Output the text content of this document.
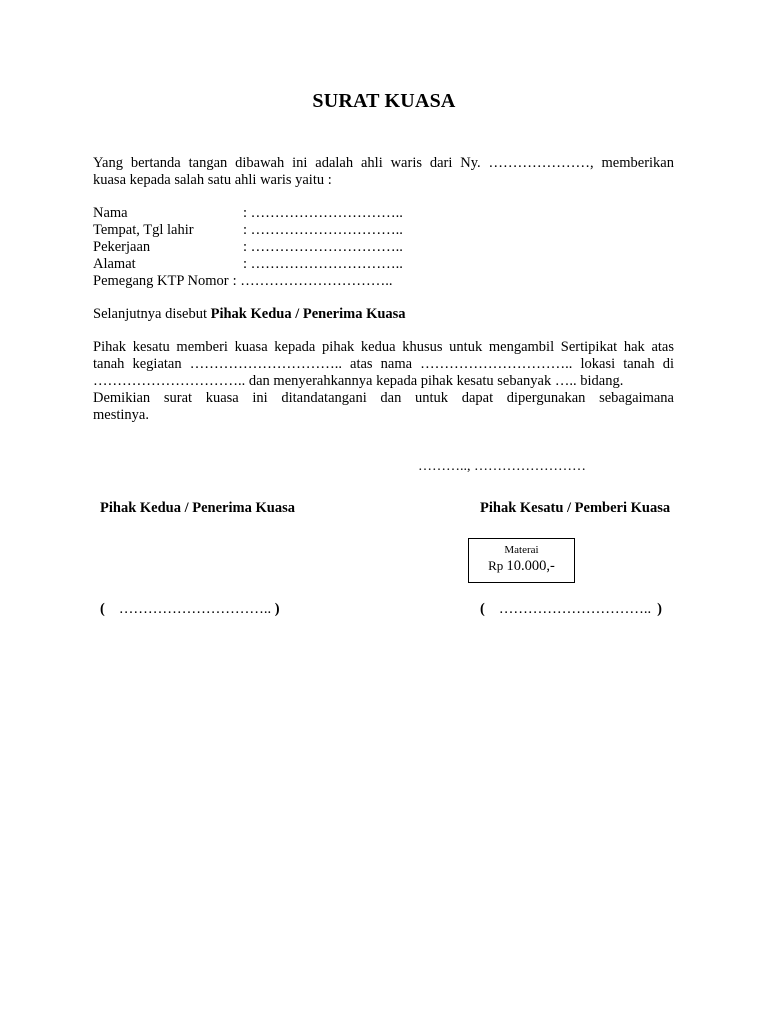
SURAT KUASA
Yang bertanda tangan dibawah ini adalah ahli waris dari Ny. …………………, memberikan
kuasa kepada salah satu ahli waris yaitu :
Nama	: …………………………..
Tempat, Tgl lahir	: …………………………..
Pekerjaan	: …………………………..
Alamat	: …………………………..
Pemegang KTP Nomor : …………………………..
Selanjutnya disebut Pihak Kedua / Penerima Kuasa
Pihak kesatu memberi kuasa kepada pihak kedua khusus untuk mengambil Sertipikat hak atas
tanah kegiatan ………………………….. atas nama ………………………….. lokasi tanah di
………………………….. dan menyerahkannya kepada pihak kesatu sebanyak ….. bidang.
Demikian surat kuasa ini ditandatangani dan untuk dapat dipergunakan sebagaimana
mestinya.
……….., ……………………
Pihak Kedua / Penerima Kuasa	Pihak Kesatu / Pemberi Kuasa
Materai
Rp 10.000,-
( ………………………….. )	( ………………………….. )
